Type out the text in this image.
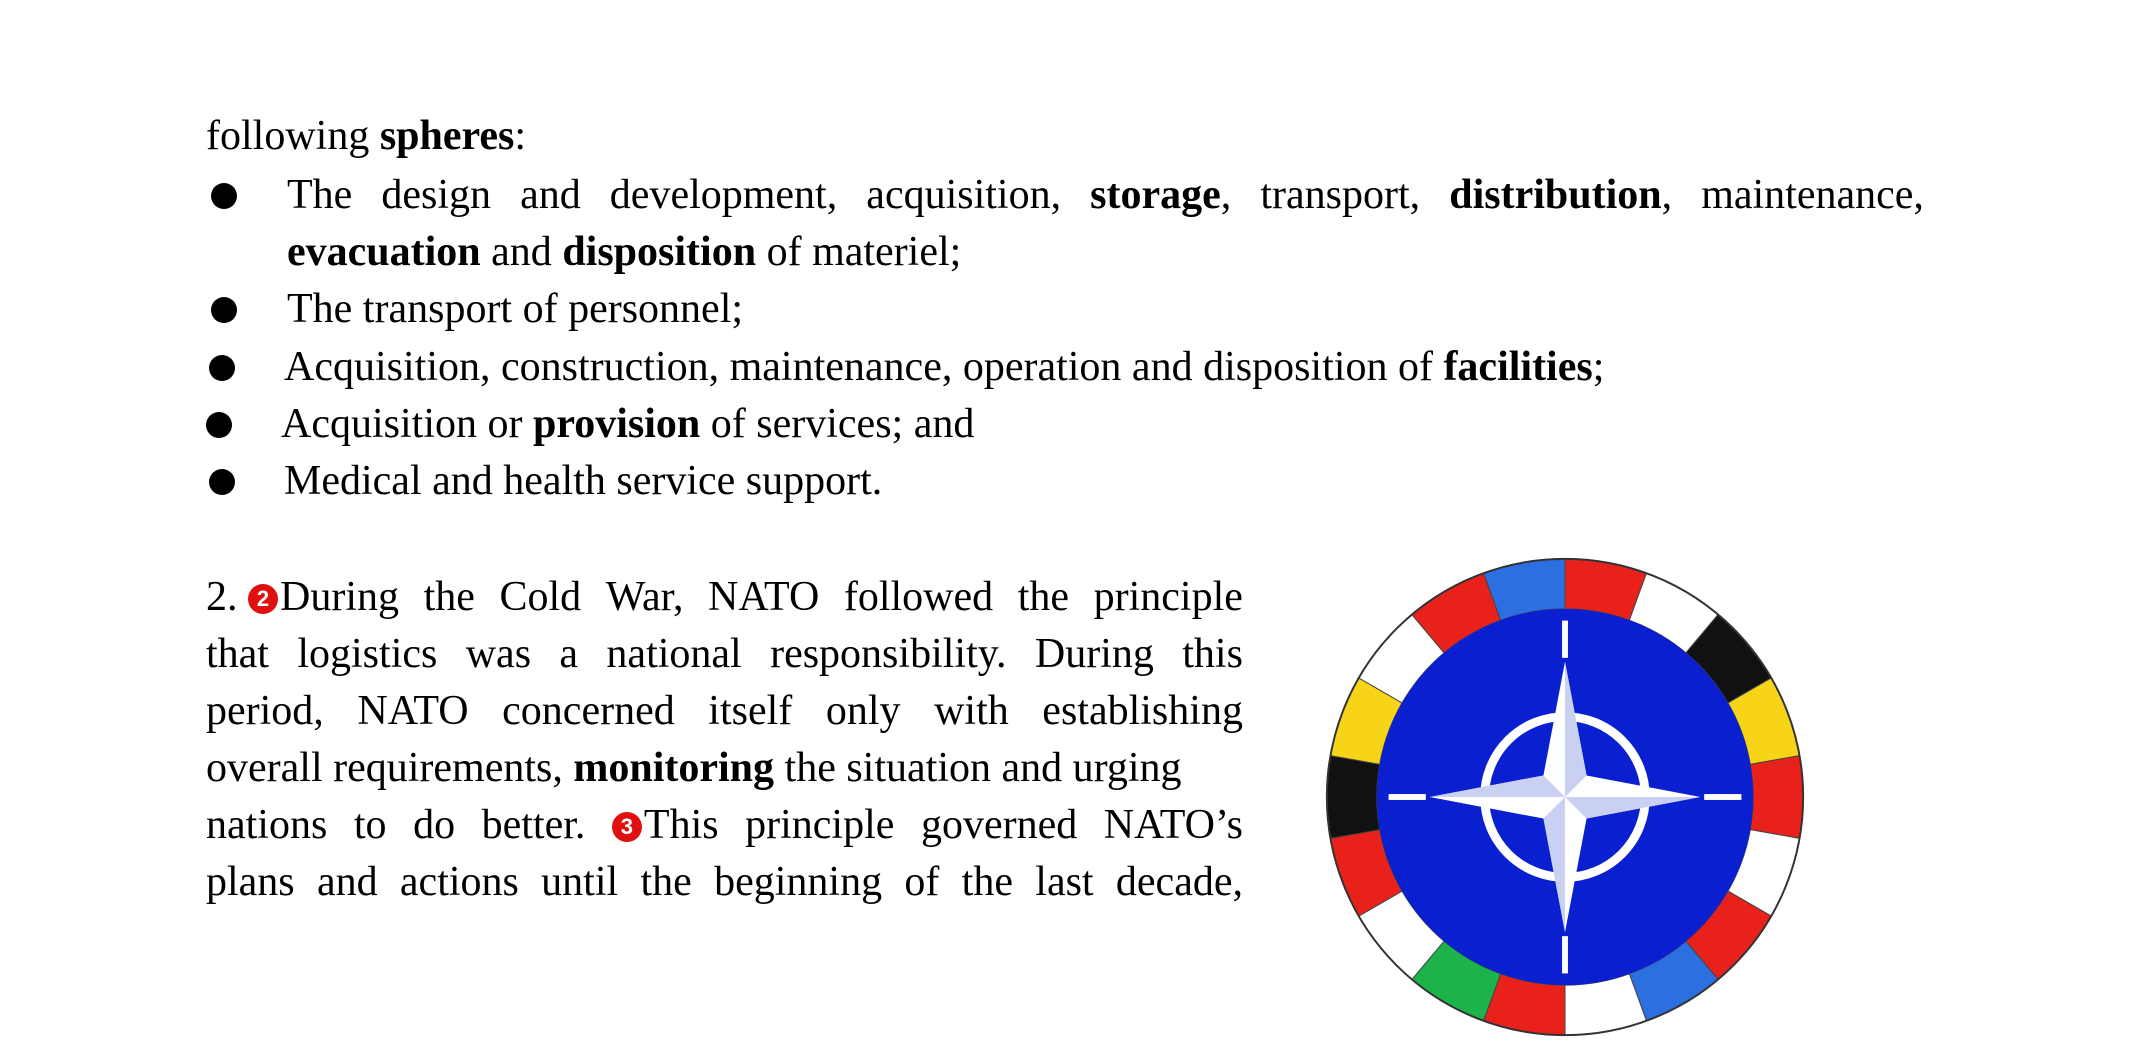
following spheres:
The design and development, acquisition, storage, transport, distribution, maintenance,
evacuation and disposition of materiel;
The transport of personnel;
Acquisition, construction, maintenance, operation and disposition of facilities;
Acquisition or provision of services; and
Medical and health service support.
2. 2 During the Cold War, NATO followed the principle
that logistics was a national responsibility. During this
period, NATO concerned itself only with establishing
overall requirements, monitoring the situation and urging
nations to do better.	3 This principle governed NATO’s
plans and actions until the beginning of the last decade,
